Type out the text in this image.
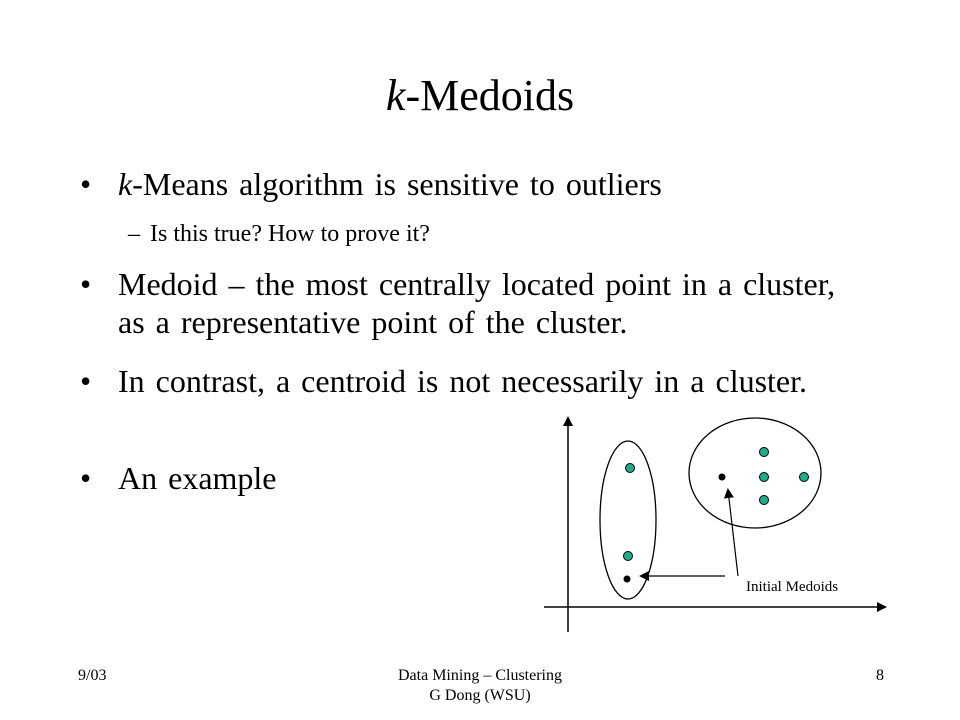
k-Medoids
• k-Means algorithm is sensitive to outliers
– Is this true? How to prove it?
• Medoid – the most centrally located point in a cluster, as a representative point of the cluster.
• In contrast, a centroid is not necessarily in a cluster.
• An example
Initial Medoids
9/03	Data Mining – Clustering
G Dong (WSU)
8
